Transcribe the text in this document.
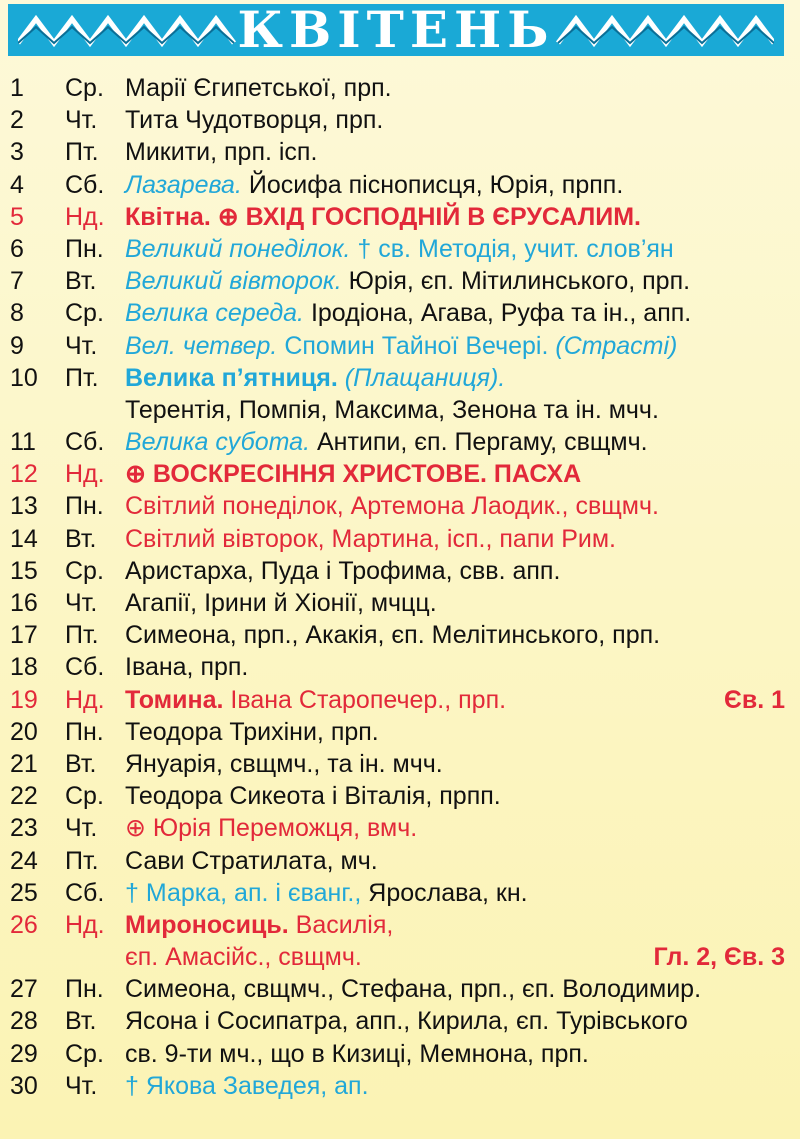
КВІТЕНЬ
1	Ср. Марії Єгипетської, прп.
2	Чт.	Тита Чудотворця, прп.
3	Пт.	Микити, прп. ісп.
4	Сб. Лазарева. Йосифа піснописця, Юрія, прпп.
5	Нд. Квітна. ⊕ ВХІД ГОСПОДНІЙ В ЄРУСАЛИМ.
6	Пн. Великий понеділок. † св. Методія, учит. слов’ян
7	Вт.	Великий вівторок. Юрія, єп. Мітилинського, прп.
8	Ср. Велика середа. Іродіона, Агава, Руфа та ін., апп.
9	Чт.	Вел. четвер. Спомин Тайної Вечері. (Страсті)
10	Пт.	Велика п’ятниця. (Плащаниця).
Терентія, Помпія, Максима, Зенона та ін. мчч.
11	Сб. Велика субота. Антипи, єп. Пергаму, свщмч.
12	Нд. ⊕ ВОСКРЕСІННЯ ХРИСТОВЕ. ПАСХА
13	Пн. Світлий понеділок, Артемона Лаодик., свщмч.
14	Вт.	Світлий вівторок, Мартина, ісп., папи Рим.
15	Ср. Аристарха, Пуда і Трофима, свв. апп.
16	Чт.	Агапії, Ірини й Хіонії, мчцц.
17	Пт.	Симеона, прп., Акакія, єп. Мелітинського, прп.
18	Сб. Івана, прп.
19	Нд. Томина. Івана Старопечер., прп.	Єв. 1
20	Пн. Теодора Трихіни, прп.
21	Вт.	Януарія, свщмч., та ін. мчч.
22	Ср. Теодора Сикеота і Віталія, прпп.
23	Чт.	⊕ Юрія Переможця, вмч.
24	Пт.	Сави Стратилата, мч.
25	Сб. † Марка, ап. і єванг., Ярослава, кн.
26	Нд. Мироносиць. Василія,
єп. Амасійс., свщмч.	Гл. 2, Єв. 3
27	Пн. Симеона, свщмч., Стефана, прп., єп. Володимир.
28	Вт.	Ясона і Сосипатра, апп., Кирила, єп. Турівського
29	Ср. св. 9-ти мч., що в Кизиці, Мемнона, прп.
30	Чт.	† Якова Заведея, ап.
